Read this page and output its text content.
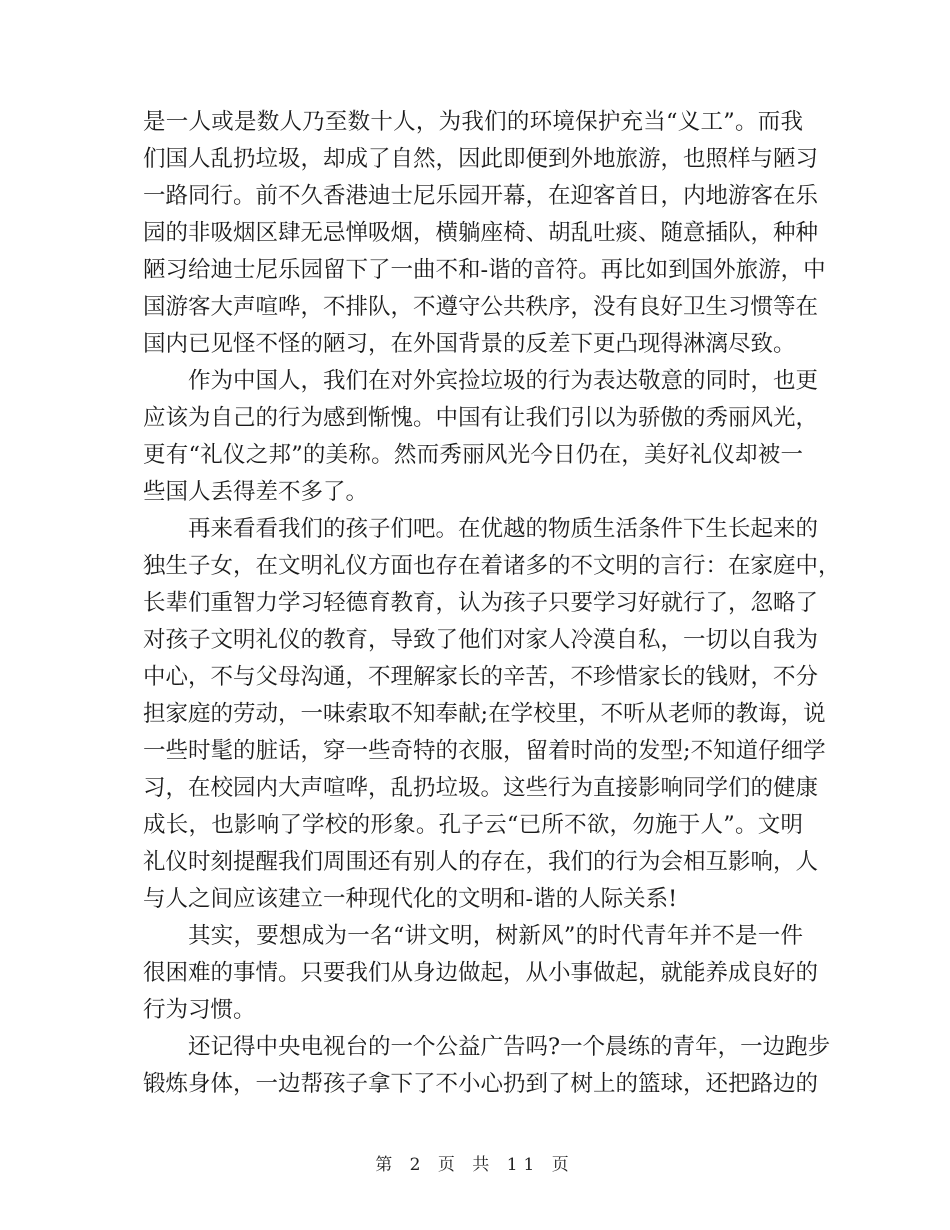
是一人或是数人乃至数十人，为我们的环境保护充当“义工”。而我
们国人乱扔垃圾，却成了自然，因此即便到外地旅游，也照样与陋习
一路同行。前不久香港迪士尼乐园开幕，在迎客首日，内地游客在乐
园的非吸烟区肆无忌惮吸烟，横躺座椅、胡乱吐痰、随意插队，种种
陋习给迪士尼乐园留下了一曲不和-谐的音符。再比如到国外旅游，中
国游客大声喧哗，不排队，不遵守公共秩序，没有良好卫生习惯等在
国内已见怪不怪的陋习，在外国背景的反差下更凸现得淋漓尽致。
作为中国人，我们在对外宾捡垃圾的行为表达敬意的同时，也更
应该为自己的行为感到惭愧。中国有让我们引以为骄傲的秀丽风光，
更有“礼仪之邦”的美称。然而秀丽风光今日仍在，美好礼仪却被一
些国人丢得差不多了。
再来看看我们的孩子们吧。在优越的物质生活条件下生长起来的
独生子女，在文明礼仪方面也存在着诸多的不文明的言行：在家庭中，
长辈们重智力学习轻德育教育，认为孩子只要学习好就行了，忽略了
对孩子文明礼仪的教育，导致了他们对家人冷漠自私，一切以自我为
中心，不与父母沟通，不理解家长的辛苦，不珍惜家长的钱财，不分
担家庭的劳动，一味索取不知奉献;在学校里，不听从老师的教诲，说
一些时髦的脏话，穿一些奇特的衣服，留着时尚的发型;不知道仔细学
习，在校园内大声喧哗，乱扔垃圾。这些行为直接影响同学们的健康
成长，也影响了学校的形象。孔子云“已所不欲，勿施于人”。文明
礼仪时刻提醒我们周围还有别人的存在，我们的行为会相互影响，人
与人之间应该建立一种现代化的文明和-谐的人际关系!
其实，要想成为一名“讲文明，树新风”的时代青年并不是一件
很困难的事情。只要我们从身边做起，从小事做起，就能养成良好的
行为习惯。
还记得中央电视台的一个公益广告吗?一个晨练的青年，一边跑步
锻炼身体，一边帮孩子拿下了不小心扔到了树上的篮球，还把路边的
第 2 页 共 11 页
